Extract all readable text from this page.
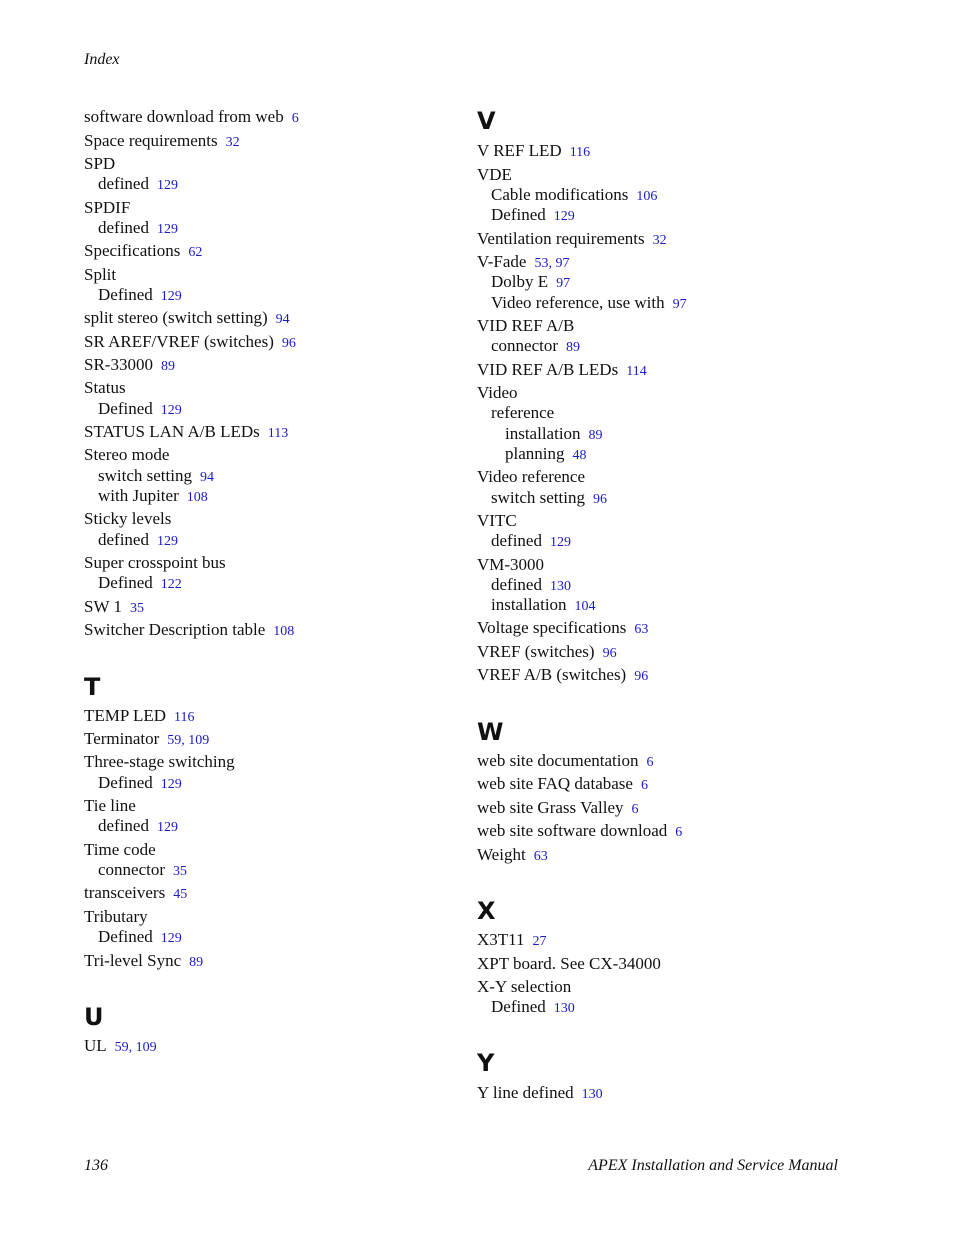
Index
software download from web 6
Space requirements 32
SPD
defined 129
SPDIF
defined 129
Specifications 62
Split
Defined 129
split stereo (switch setting) 94
SR AREF/VREF (switches) 96
SR-33000 89
Status
Defined 129
STATUS LAN A/B LEDs 113
Stereo mode
switch setting 94
with Jupiter 108
Sticky levels
defined 129
Super crosspoint bus
Defined 122
SW 1 35
Switcher Description table 108
T
TEMP LED 116
Terminator 59, 109
Three-stage switching
Defined 129
Tie line
defined 129
Time code
connector 35
transceivers 45
Tributary
Defined 129
Tri-level Sync 89
U
UL 59, 109
V
V REF LED 116
VDE
Cable modifications 106
Defined 129
Ventilation requirements 32
V-Fade 53, 97
Dolby E 97
Video reference, use with 97
VID REF A/B
connector 89
VID REF A/B LEDs 114
Video
reference
installation 89
planning 48
Video reference
switch setting 96
VITC
defined 129
VM-3000
defined 130
installation 104
Voltage specifications 63
VREF (switches) 96
VREF A/B (switches) 96
W
web site documentation 6
web site FAQ database 6
web site Grass Valley 6
web site software download 6
Weight 63
X
X3T11 27
XPT board. See CX-34000
X-Y selection
Defined 130
Y
Y line defined 130
136	APEX Installation and Service Manual
